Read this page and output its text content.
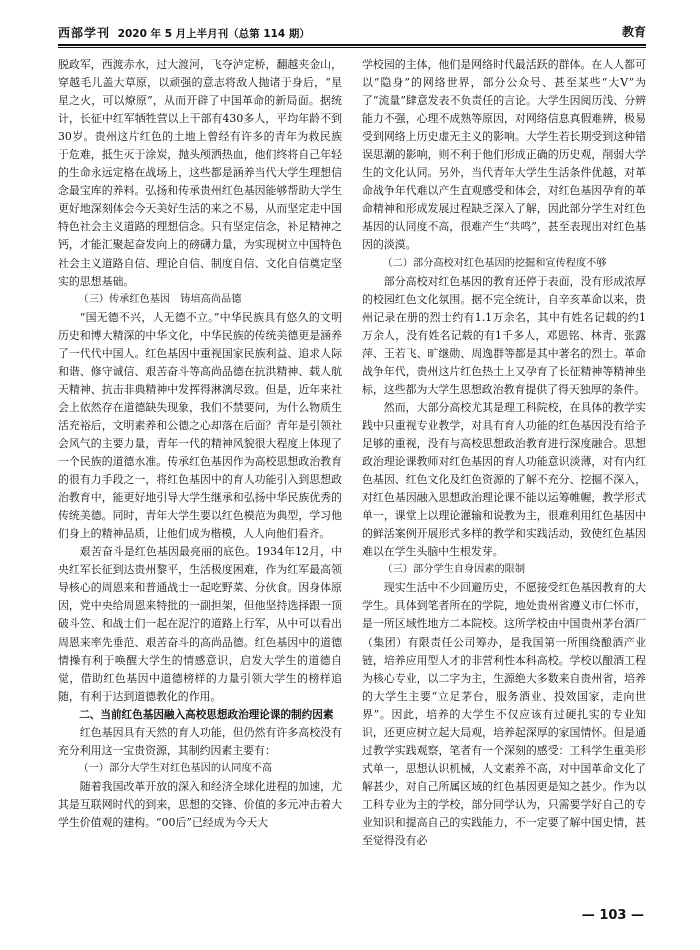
西部学刊 2020 年 5 月上半月刊（总第 114 期）	教育

脱政军，西渡赤水，过大渡河，飞夺泸定桥，翻越夹金山，穿越毛儿盖大草原，以顽强的意志将敌人抛诸于身后，“星星之火，可以燎原”，从而开辟了中国革命的新局面。据统计，长征中红军牺牲营以上干部有430多人，平均年龄不到30岁。贵州这片红色的土地上曾经有许多的青年为救民族于危难，抵生灭于涂炭，抛头颅洒热血，他们终将自己年轻的生命永远定格在战场上，这些都是涵养当代大学生理想信念最宝库的养料。弘扬和传承贵州红色基因能够帮助大学生更好地深刻体会今天美好生活的来之不易，从而坚定走中国特色社会主义道路的理想信念。只有坚定信念，补足精神之钙，才能汇聚起奋发向上的磅礴力量，为实现树立中国特色社会主义道路自信、理论自信、制度自信、文化自信奠定坚实的思想基础。

（三）传承红色基因　铸培高尚品德

“国无德不兴，人无德不立。”中华民族具有悠久的文明历史和博大精深的中华文化，中华民族的传统美德更是涵养了一代代中国人。红色基因中重视国家民族利益、追求人际和谐、修守诚信、艰苦奋斗等高尚品德在抗洪精神、载人航天精神、抗击非典精神中发挥得淋漓尽致。但是，近年来社会上依然存在道德缺失现象，我们不禁要问，为什么物质生活充裕后，文明素养和公德之心却落在后面？青年是引领社会风气的主要力量，青年一代的精神风貌很大程度上体现了一个民族的道德水准。传承红色基因作为高校思想政治教育的很有力手段之一，将红色基因中的育人功能引入到思想政治教育中，能更好地引导大学生继承和弘扬中华民族优秀的传统美德。同时，青年大学生要以红色模范为典型，学习他们身上的精神品质，让他们成为楷模，人人向他们看齐。

艰苦奋斗是红色基因最亮丽的底色。1934年12月，中央红军长征到达贵州黎平，生活极度困难，作为红军最高领导核心的周恩来和普通战士一起吃野菜、分伙食。因身体原因，党中央给周恩来特批的一副担架，但他坚持选择跟一顶破斗笠、和战士们一起在泥泞的道路上行军，从中可以看出周恩来率先垂范、艰苦奋斗的高尚品德。红色基因中的道德情操有利于唤醒大学生的情感意识，启发大学生的道德自觉，借助红色基因中道德榜样的力量引领大学生的榜样追随，有利于达到道德教化的作用。

二、当前红色基因融入高校思想政治理论课的制约因素

红色基因具有天然的育人功能，但仍然有许多高校没有充分利用这一宝贵资源，其制约因素主要有：

（一）部分大学生对红色基因的认同度不高

随着我国改革开放的深入和经济全球化进程的加速，尤其是互联网时代的到来，思想的交锋、价值的多元冲击着大学生价值观的建构。“00后”已经成为今天大

学校园的主体，他们是网络时代最活跃的群体。在人人都可以“隐身”的网络世界，部分公众号、甚至某些“大V”为了“流量”肆意发表不负责任的言论。大学生因阅历浅、分辨能力不强，心理不成熟等原因，对网络信息真假难辨，极易受到网络上历史虚无主义的影响。大学生若长期受到这种错误思潮的影响，则不利于他们形成正确的历史观，削弱大学生的文化认同。另外，当代青年大学生生活条件优越，对革命战争年代难以产生直观感受和体会，对红色基因孕育的革命精神和形成发展过程缺乏深入了解，因此部分学生对红色基因的认同度不高，很难产生“共鸣”，甚至表现出对红色基因的淡漠。

（二）部分高校对红色基因的挖掘和宣传程度不够

部分高校对红色基因的教育还停于表面，没有形成浓厚的校园红色文化氛围。据不完全统计，自辛亥革命以来，贵州记录在册的烈士约有1.1万余名，其中有姓名记载的约1万余人，没有姓名记载的有1千多人，邓恩铭、林青、张露萍、王若飞、旷继勋、周逸群等都是其中著名的烈士。革命战争年代，贵州这片红色热土上又孕育了长征精神等精神坐标，这些都为大学生思想政治教育提供了得天独厚的条件。

然而，大部分高校尤其是理工科院校，在具体的教学实践中只重视专业教学，对具有育人功能的红色基因没有给予足够的重视，没有与高校思想政治教育进行深度融合。思想政治理论课教师对红色基因的育人功能意识淡薄，对有内红色基因、红色文化及红色资源的了解不充分、挖掘不深入，对红色基因融入思想政治理论课不能以运筹帷幄，教学形式单一，课堂上以理论灌输和说教为主，很难利用红色基因中的鲜活案例开展形式多样的教学和实践活动，致使红色基因难以在学生头脑中生根发芽。

（三）部分学生自身因素的限制

现实生活中不少回避历史，不愿接受红色基因教育的大学生。具体到笔者所在的学院，地处贵州省遵义市仁怀市，是一所区域性地方二本院校。这所学校由中国贵州茅台酒厂（集团）有限责任公司筹办，是我国第一所围绕酿酒产业链，培养应用型人才的非营利性本科高校。学校以酿酒工程为核心专业，以二字为主，生源绝大多数来自贵州省，培养的大学生主要“立足茅台，服务酒业、投效国家，走向世界”。因此，培养的大学生不仅应该有过硬扎实的专业知识，还更应树立起大局观，培养起深厚的家国情怀。但是通过教学实践观察，笔者有一个深刻的感受：工科学生重美形式单一，思想认识机械，人文素养不高，对中国革命文化了解甚少，对自己所属区域的红色基因更是知之甚少。作为以工科专业为主的学校，部分同学认为，只需要学好自己的专业知识和提高自己的实践能力，不一定要了解中国史情，甚至觉得没有必

— 103 —
